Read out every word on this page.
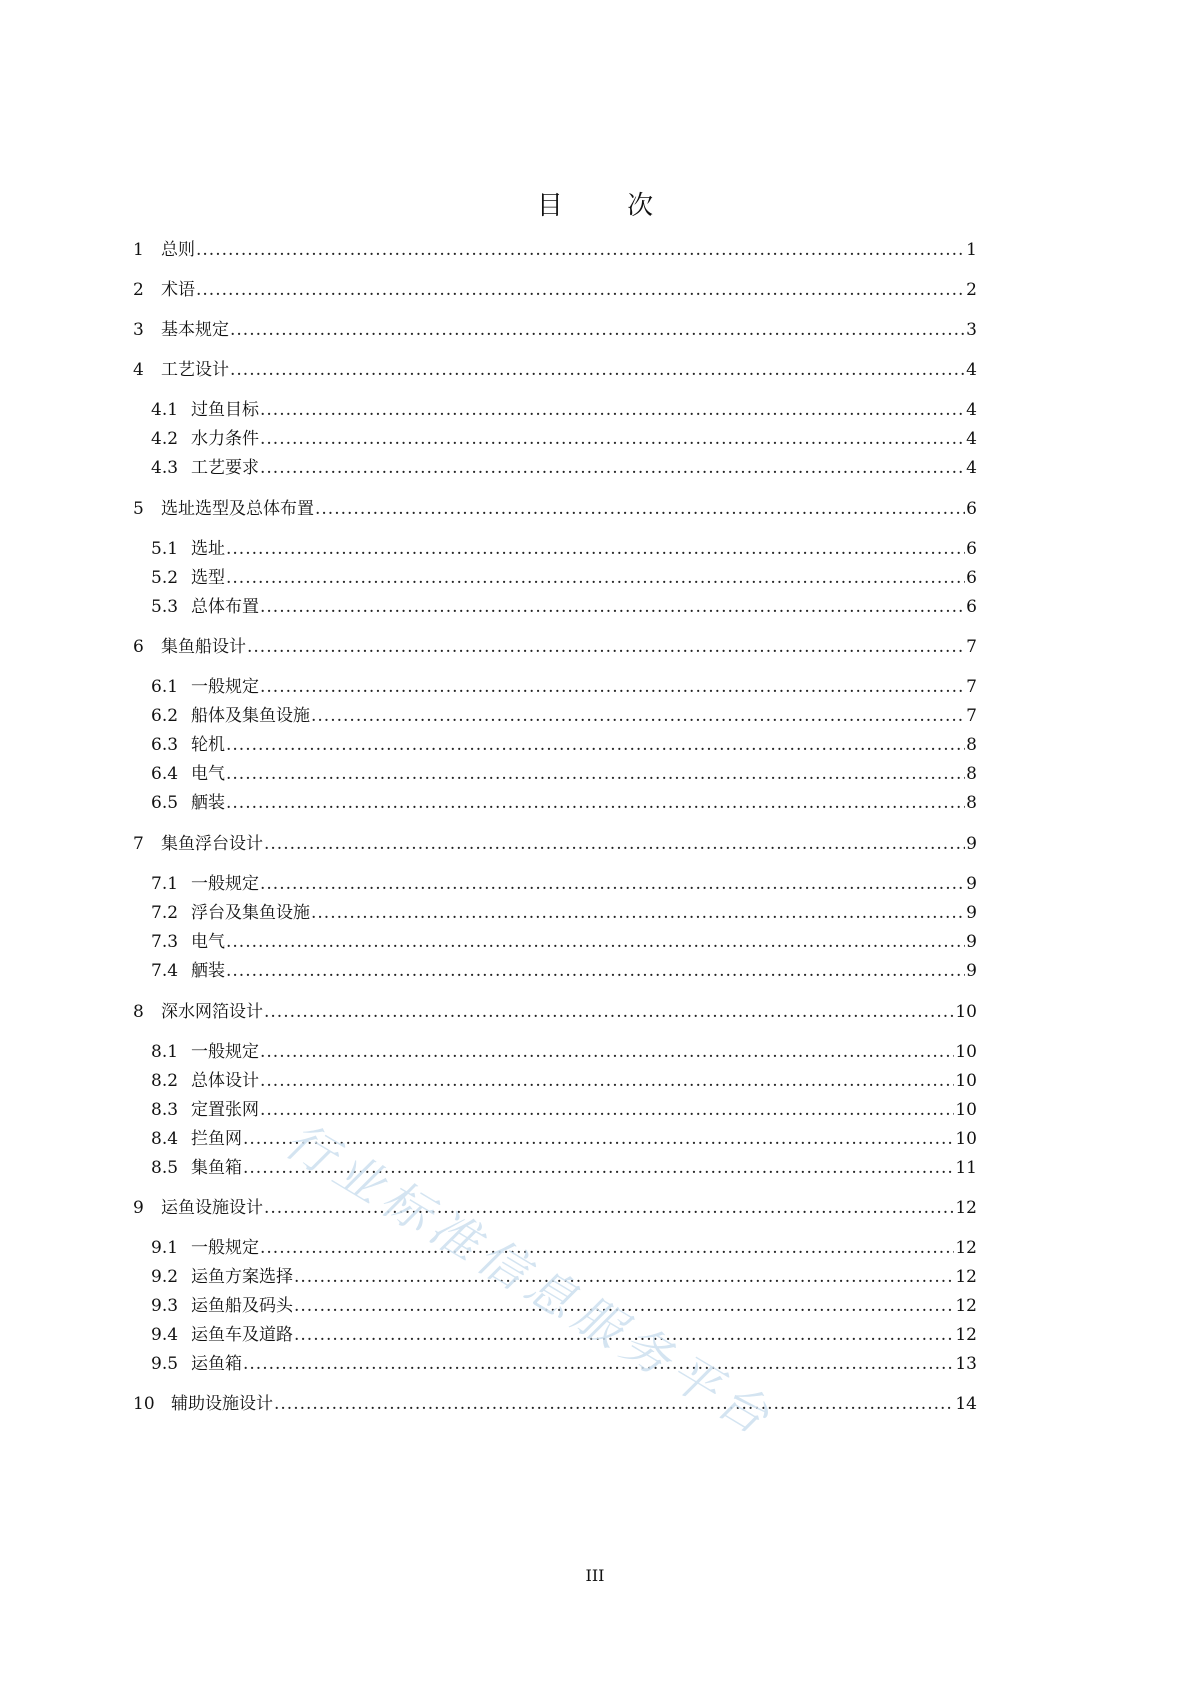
目 次
1	总则 .....	1
2	术语 .....	2
3	基本规定 .....	3
4	工艺设计 .....	4
4.1 过鱼目标 .....	4
4.2 水力条件 .....	4
4.3 工艺要求 .....	4
5	选址选型及总体布置 .....	6
5.1 选址 .....	6
5.2 选型 .....	6
5.3 总体布置 .....	6
6	集鱼船设计 .....	7
6.1 一般规定 .....	7
6.2 船体及集鱼设施 .....	7
6.3 轮机 .....	8
6.4 电气 .....	8
6.5 舾装 .....	8
7	集鱼浮台设计 .....	9
7.1 一般规定 .....	9
7.2 浮台及集鱼设施 .....	9
7.3 电气 .....	9
7.4 舾装 .....	9
8	深水网箔设计 .....	10
8.1 一般规定 .....	10
8.2 总体设计 .....	10
8.3 定置张网 .....	10
8.4 拦鱼网 .....	10
8.5 集鱼箱 .....	11
9	运鱼设施设计 .....	12
9.1 一般规定 .....	12
9.2 运鱼方案选择 .....	12
9.3 运鱼船及码头 .....	12
9.4 运鱼车及道路 .....	12
9.5 运鱼箱 .....	13
10 辅助设施设计 .....	14
行业标准信息服务平台
III
